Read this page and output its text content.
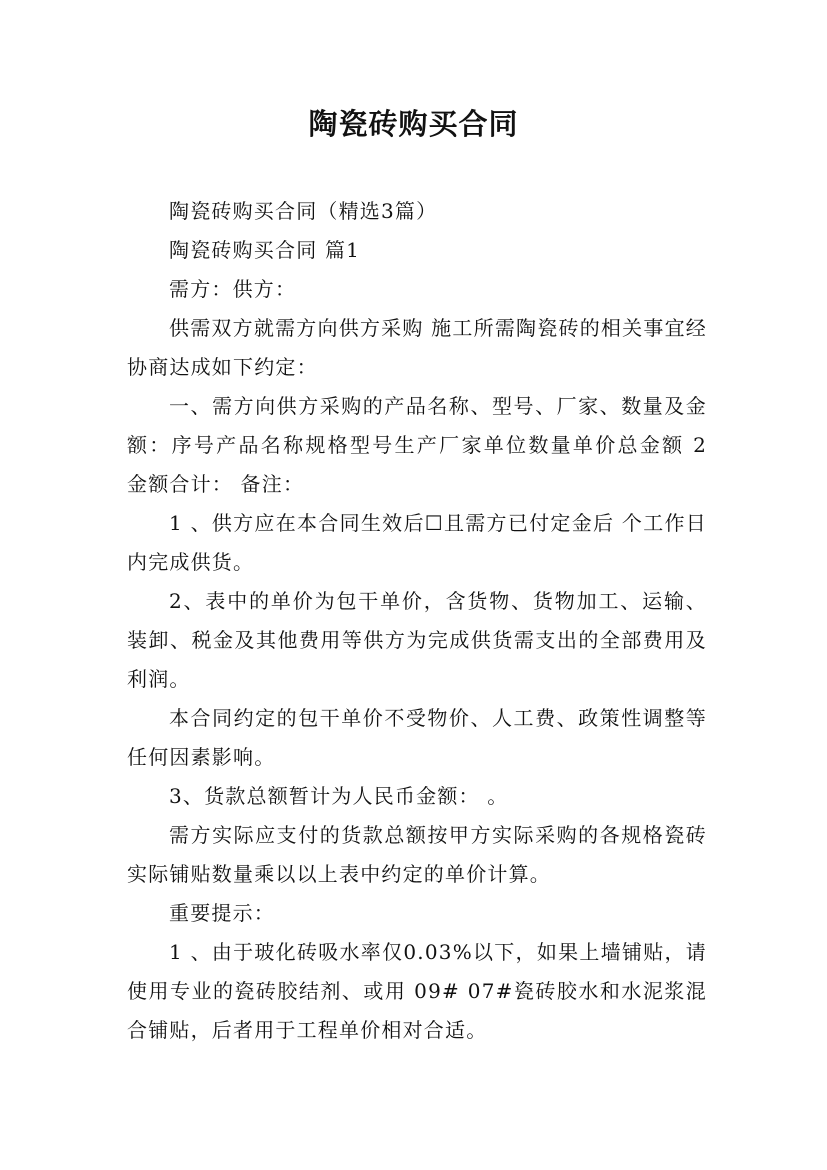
陶瓷砖购买合同

陶瓷砖购买合同（精选3篇）

陶瓷砖购买合同 篇1

需方：供方：

供需双方就需方向供方采购 施工所需陶瓷砖的相关事宜经协商达成如下约定：

一、需方向供方采购的产品名称、型号、厂家、数量及金额：序号产品名称规格型号生产厂家单位数量单价总金额 2 金额合计： 备注：

1 、供方应在本合同生效后☐且需方已付定金后 个工作日内完成供货。

2、表中的单价为包干单价，含货物、货物加工、运输、装卸、税金及其他费用等供方为完成供货需支出的全部费用及利润。

本合同约定的包干单价不受物价、人工费、政策性调整等任何因素影响。

3、货款总额暂计为人民币金额： 。

需方实际应支付的货款总额按甲方实际采购的各规格瓷砖实际铺贴数量乘以以上表中约定的单价计算。

重要提示：

1 、由于玻化砖吸水率仅0.03%以下，如果上墙铺贴，请使用专业的瓷砖胶结剂、或用 09# 07#瓷砖胶水和水泥浆混合铺贴，后者用于工程单价相对合适。
